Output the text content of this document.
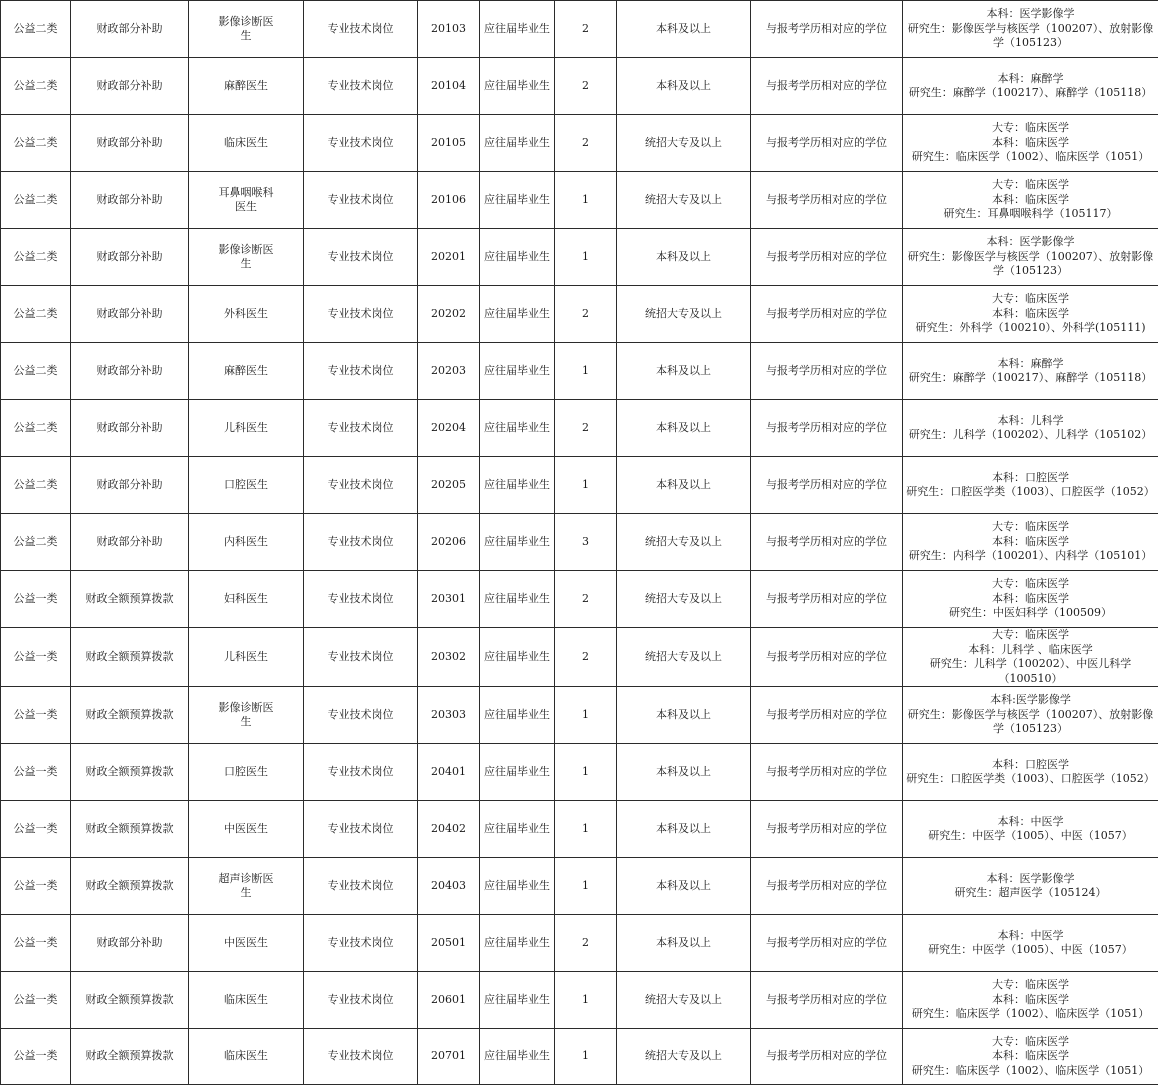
公益二类	财政部分补助	影像诊断医生	专业技术岗位	20103	应往届毕业生	2	本科及以上	与报考学历相对应的学位	本科：医学影像学
研究生：影像医学与核医学（100207）、放射影像学（105123）

公益二类	财政部分补助	麻醉医生	专业技术岗位	20104	应往届毕业生	2	本科及以上	与报考学历相对应的学位	本科：麻醉学
研究生：麻醉学（100217）、麻醉学（105118）

公益二类	财政部分补助	临床医生	专业技术岗位	20105	应往届毕业生	2	统招大专及以上	与报考学历相对应的学位	大专：临床医学
本科：临床医学
研究生：临床医学（1002）、临床医学（1051）

公益二类	财政部分补助	耳鼻咽喉科医生	专业技术岗位	20106	应往届毕业生	1	统招大专及以上	与报考学历相对应的学位	大专：临床医学
本科：临床医学
研究生：耳鼻咽喉科学（105117）

公益二类	财政部分补助	影像诊断医生	专业技术岗位	20201	应往届毕业生	1	本科及以上	与报考学历相对应的学位	本科：医学影像学
研究生：影像医学与核医学（100207）、放射影像学（105123）

公益二类	财政部分补助	外科医生	专业技术岗位	20202	应往届毕业生	2	统招大专及以上	与报考学历相对应的学位	大专：临床医学
本科：临床医学
研究生：外科学（100210）、外科学(105111)

公益二类	财政部分补助	麻醉医生	专业技术岗位	20203	应往届毕业生	1	本科及以上	与报考学历相对应的学位	本科：麻醉学
研究生：麻醉学（100217）、麻醉学（105118）

公益二类	财政部分补助	儿科医生	专业技术岗位	20204	应往届毕业生	2	本科及以上	与报考学历相对应的学位	本科：儿科学
研究生：儿科学（100202）、儿科学（105102）

公益二类	财政部分补助	口腔医生	专业技术岗位	20205	应往届毕业生	1	本科及以上	与报考学历相对应的学位	本科：口腔医学
研究生：口腔医学类（1003）、口腔医学（1052）

公益二类	财政部分补助	内科医生	专业技术岗位	20206	应往届毕业生	3	统招大专及以上	与报考学历相对应的学位	大专：临床医学
本科：临床医学
研究生：内科学（100201）、内科学（105101）

公益一类	财政全额预算拨款	妇科医生	专业技术岗位	20301	应往届毕业生	2	统招大专及以上	与报考学历相对应的学位	大专：临床医学
本科：临床医学
研究生：中医妇科学（100509）

公益一类	财政全额预算拨款	儿科医生	专业技术岗位	20302	应往届毕业生	2	统招大专及以上	与报考学历相对应的学位	大专：临床医学
本科：儿科学 、临床医学
研究生：儿科学（100202）、中医儿科学（100510）

公益一类	财政全额预算拨款	影像诊断医生	专业技术岗位	20303	应往届毕业生	1	本科及以上	与报考学历相对应的学位	本科:医学影像学
研究生：影像医学与核医学（100207）、放射影像学（105123）

公益一类	财政全额预算拨款	口腔医生	专业技术岗位	20401	应往届毕业生	1	本科及以上	与报考学历相对应的学位	本科：口腔医学
研究生：口腔医学类（1003）、口腔医学（1052）

公益一类	财政全额预算拨款	中医医生	专业技术岗位	20402	应往届毕业生	1	本科及以上	与报考学历相对应的学位	本科：中医学
研究生：中医学（1005）、中医（1057）

公益一类	财政全额预算拨款	超声诊断医生	专业技术岗位	20403	应往届毕业生	1	本科及以上	与报考学历相对应的学位	本科：医学影像学
研究生：超声医学（105124）

公益一类	财政部分补助	中医医生	专业技术岗位	20501	应往届毕业生	2	本科及以上	与报考学历相对应的学位	本科：中医学
研究生：中医学（1005）、中医（1057）

公益一类	财政全额预算拨款	临床医生	专业技术岗位	20601	应往届毕业生	1	统招大专及以上	与报考学历相对应的学位	大专：临床医学
本科：临床医学
研究生：临床医学（1002）、临床医学（1051）

公益一类	财政全额预算拨款	临床医生	专业技术岗位	20701	应往届毕业生	1	统招大专及以上	与报考学历相对应的学位	大专：临床医学
本科：临床医学
研究生：临床医学（1002）、临床医学（1051）
